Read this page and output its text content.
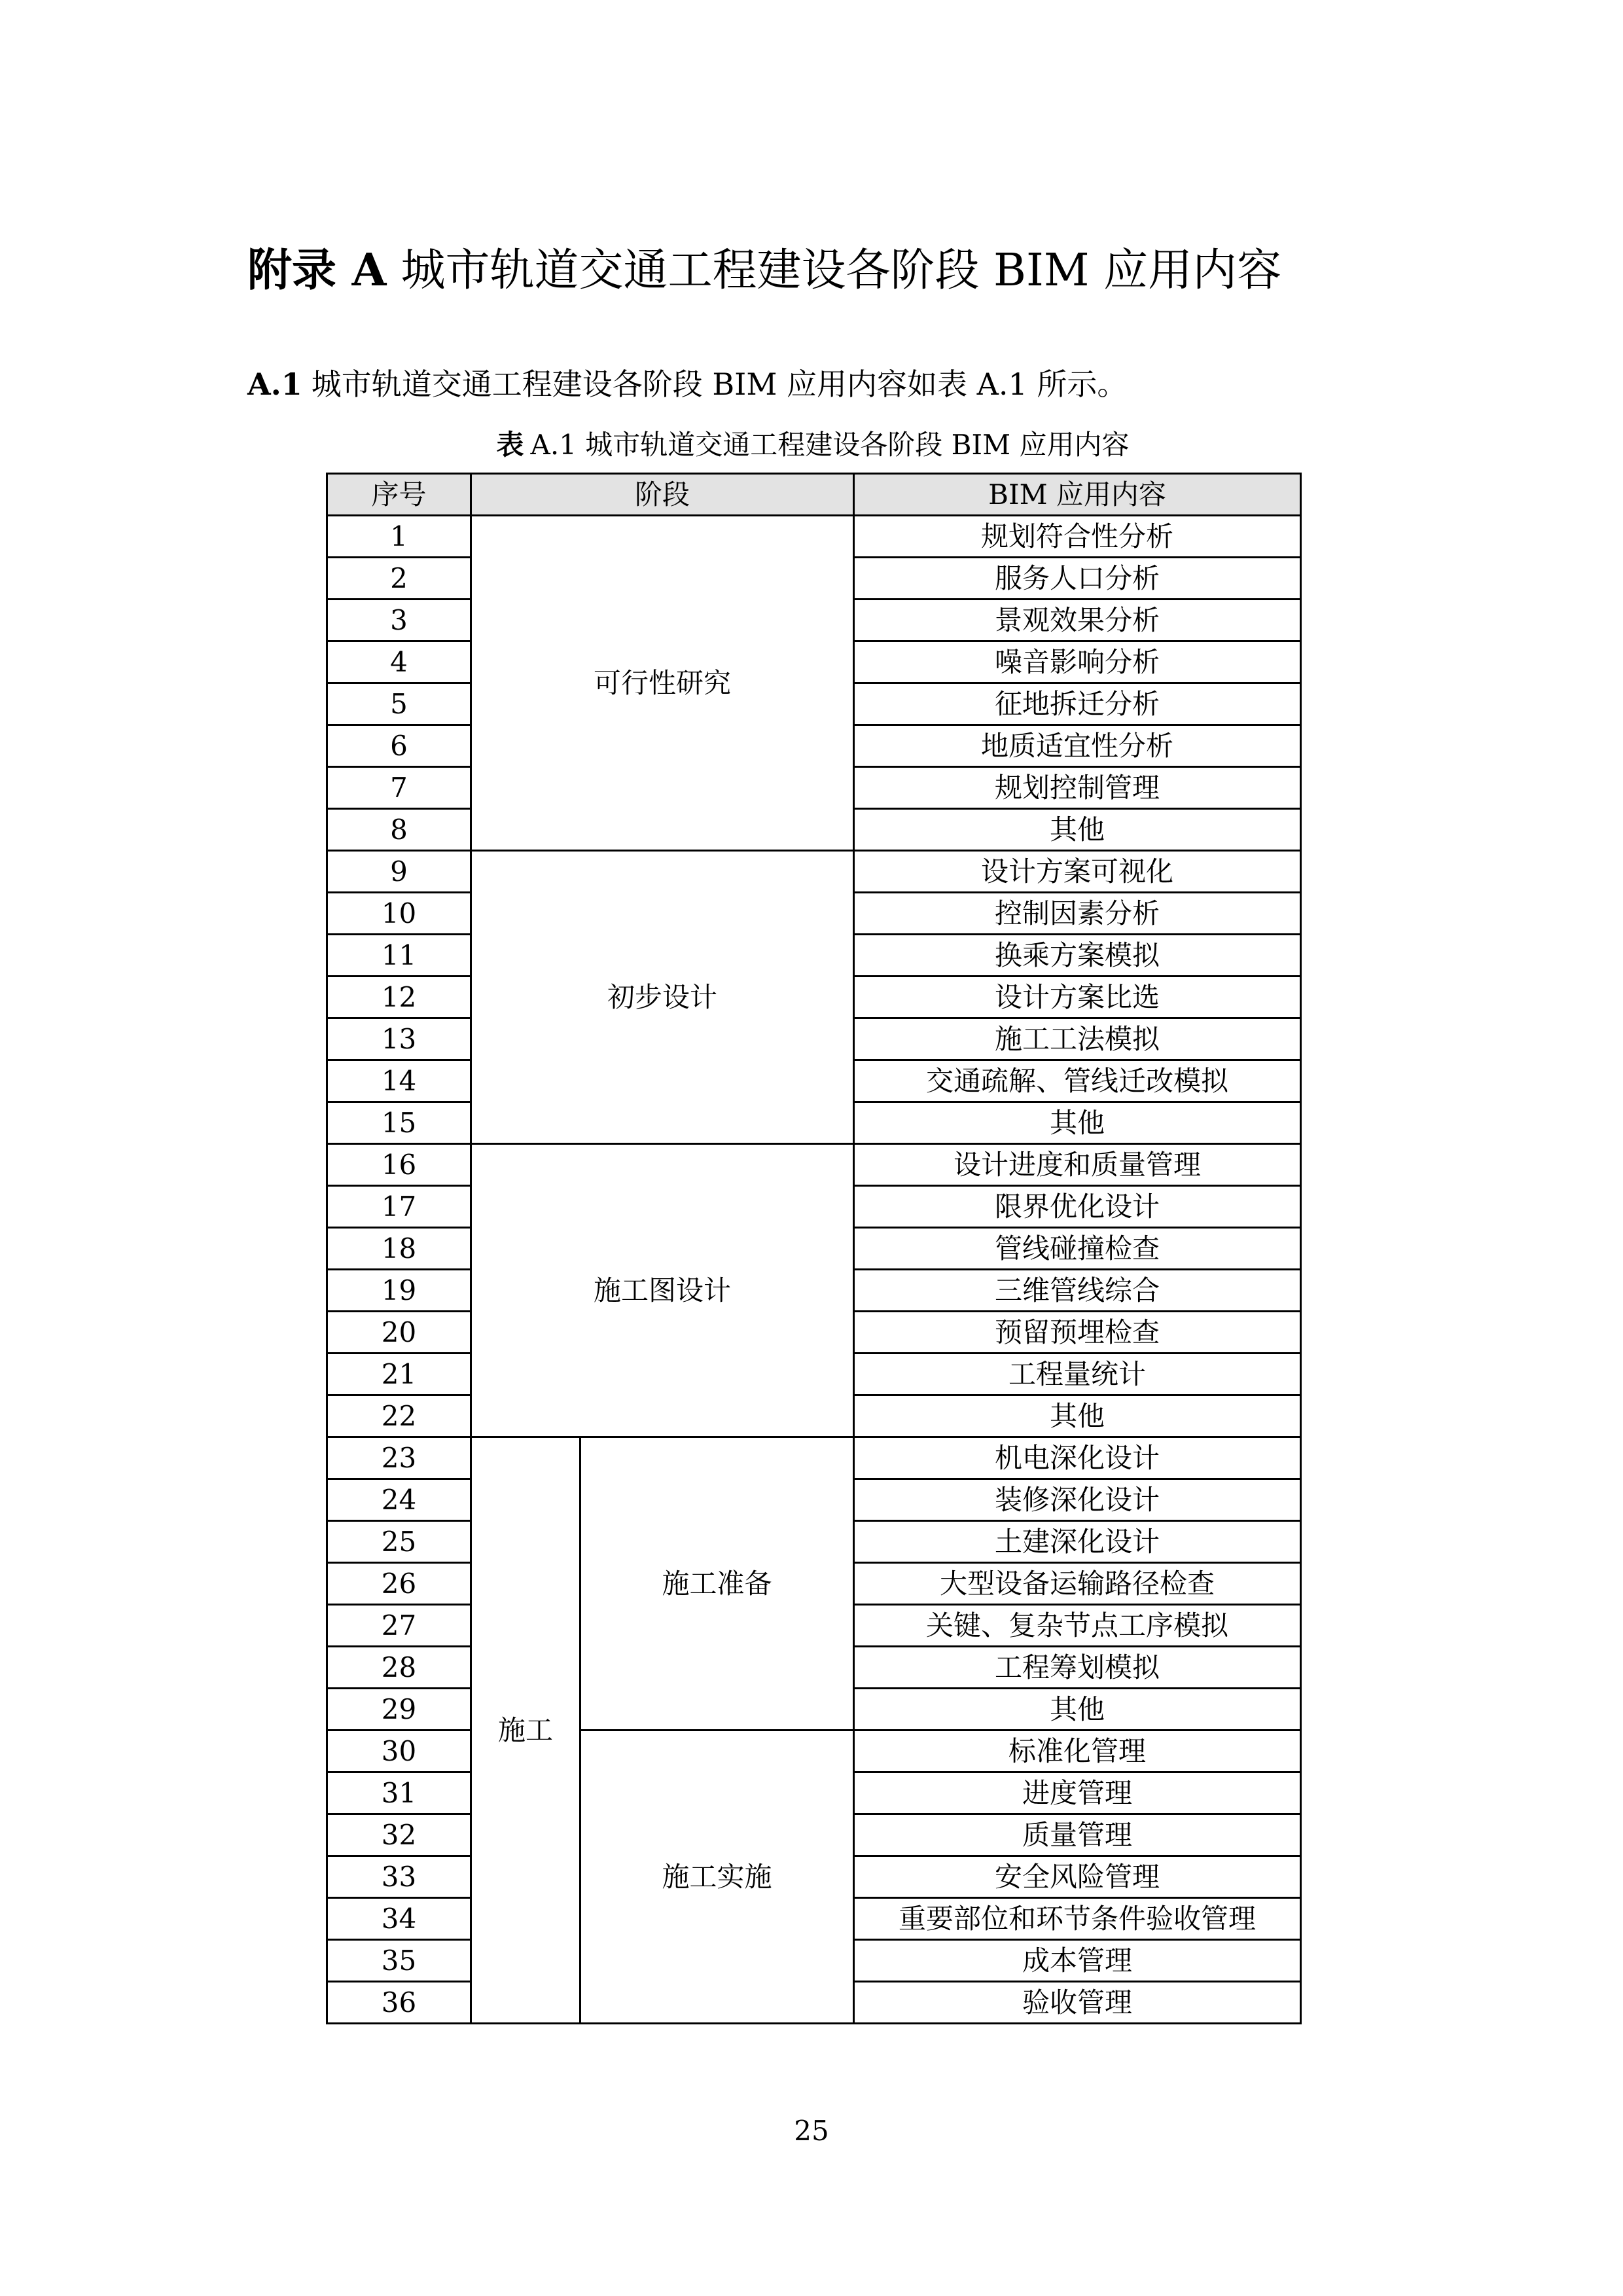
附录 A 城市轨道交通工程建设各阶段 BIM 应用内容
A.1 城市轨道交通工程建设各阶段 BIM 应用内容如表 A.1 所示。
表 A.1 城市轨道交通工程建设各阶段 BIM 应用内容
序号	阶段		BIM 应用内容
1	可行性研究		规划符合性分析
2			服务人口分析
3			景观效果分析
4			噪音影响分析
5			征地拆迁分析
6			地质适宜性分析
7			规划控制管理
8			其他
9	初步设计		设计方案可视化
10			控制因素分析
11			换乘方案模拟
12			设计方案比选
13			施工工法模拟
14			交通疏解、管线迁改模拟
15			其他
16	施工图设计		设计进度和质量管理
17			限界优化设计
18			管线碰撞检查
19			三维管线综合
20			预留预埋检查
21			工程量统计
22			其他
23	施工	施工准备	机电深化设计
24			装修深化设计
25			土建深化设计
26			大型设备运输路径检查
27			关键、复杂节点工序模拟
28			工程筹划模拟
29			其他
30		施工实施	标准化管理
31			进度管理
32			质量管理
33			安全风险管理
34			重要部位和环节条件验收管理
35			成本管理
36			验收管理
25
